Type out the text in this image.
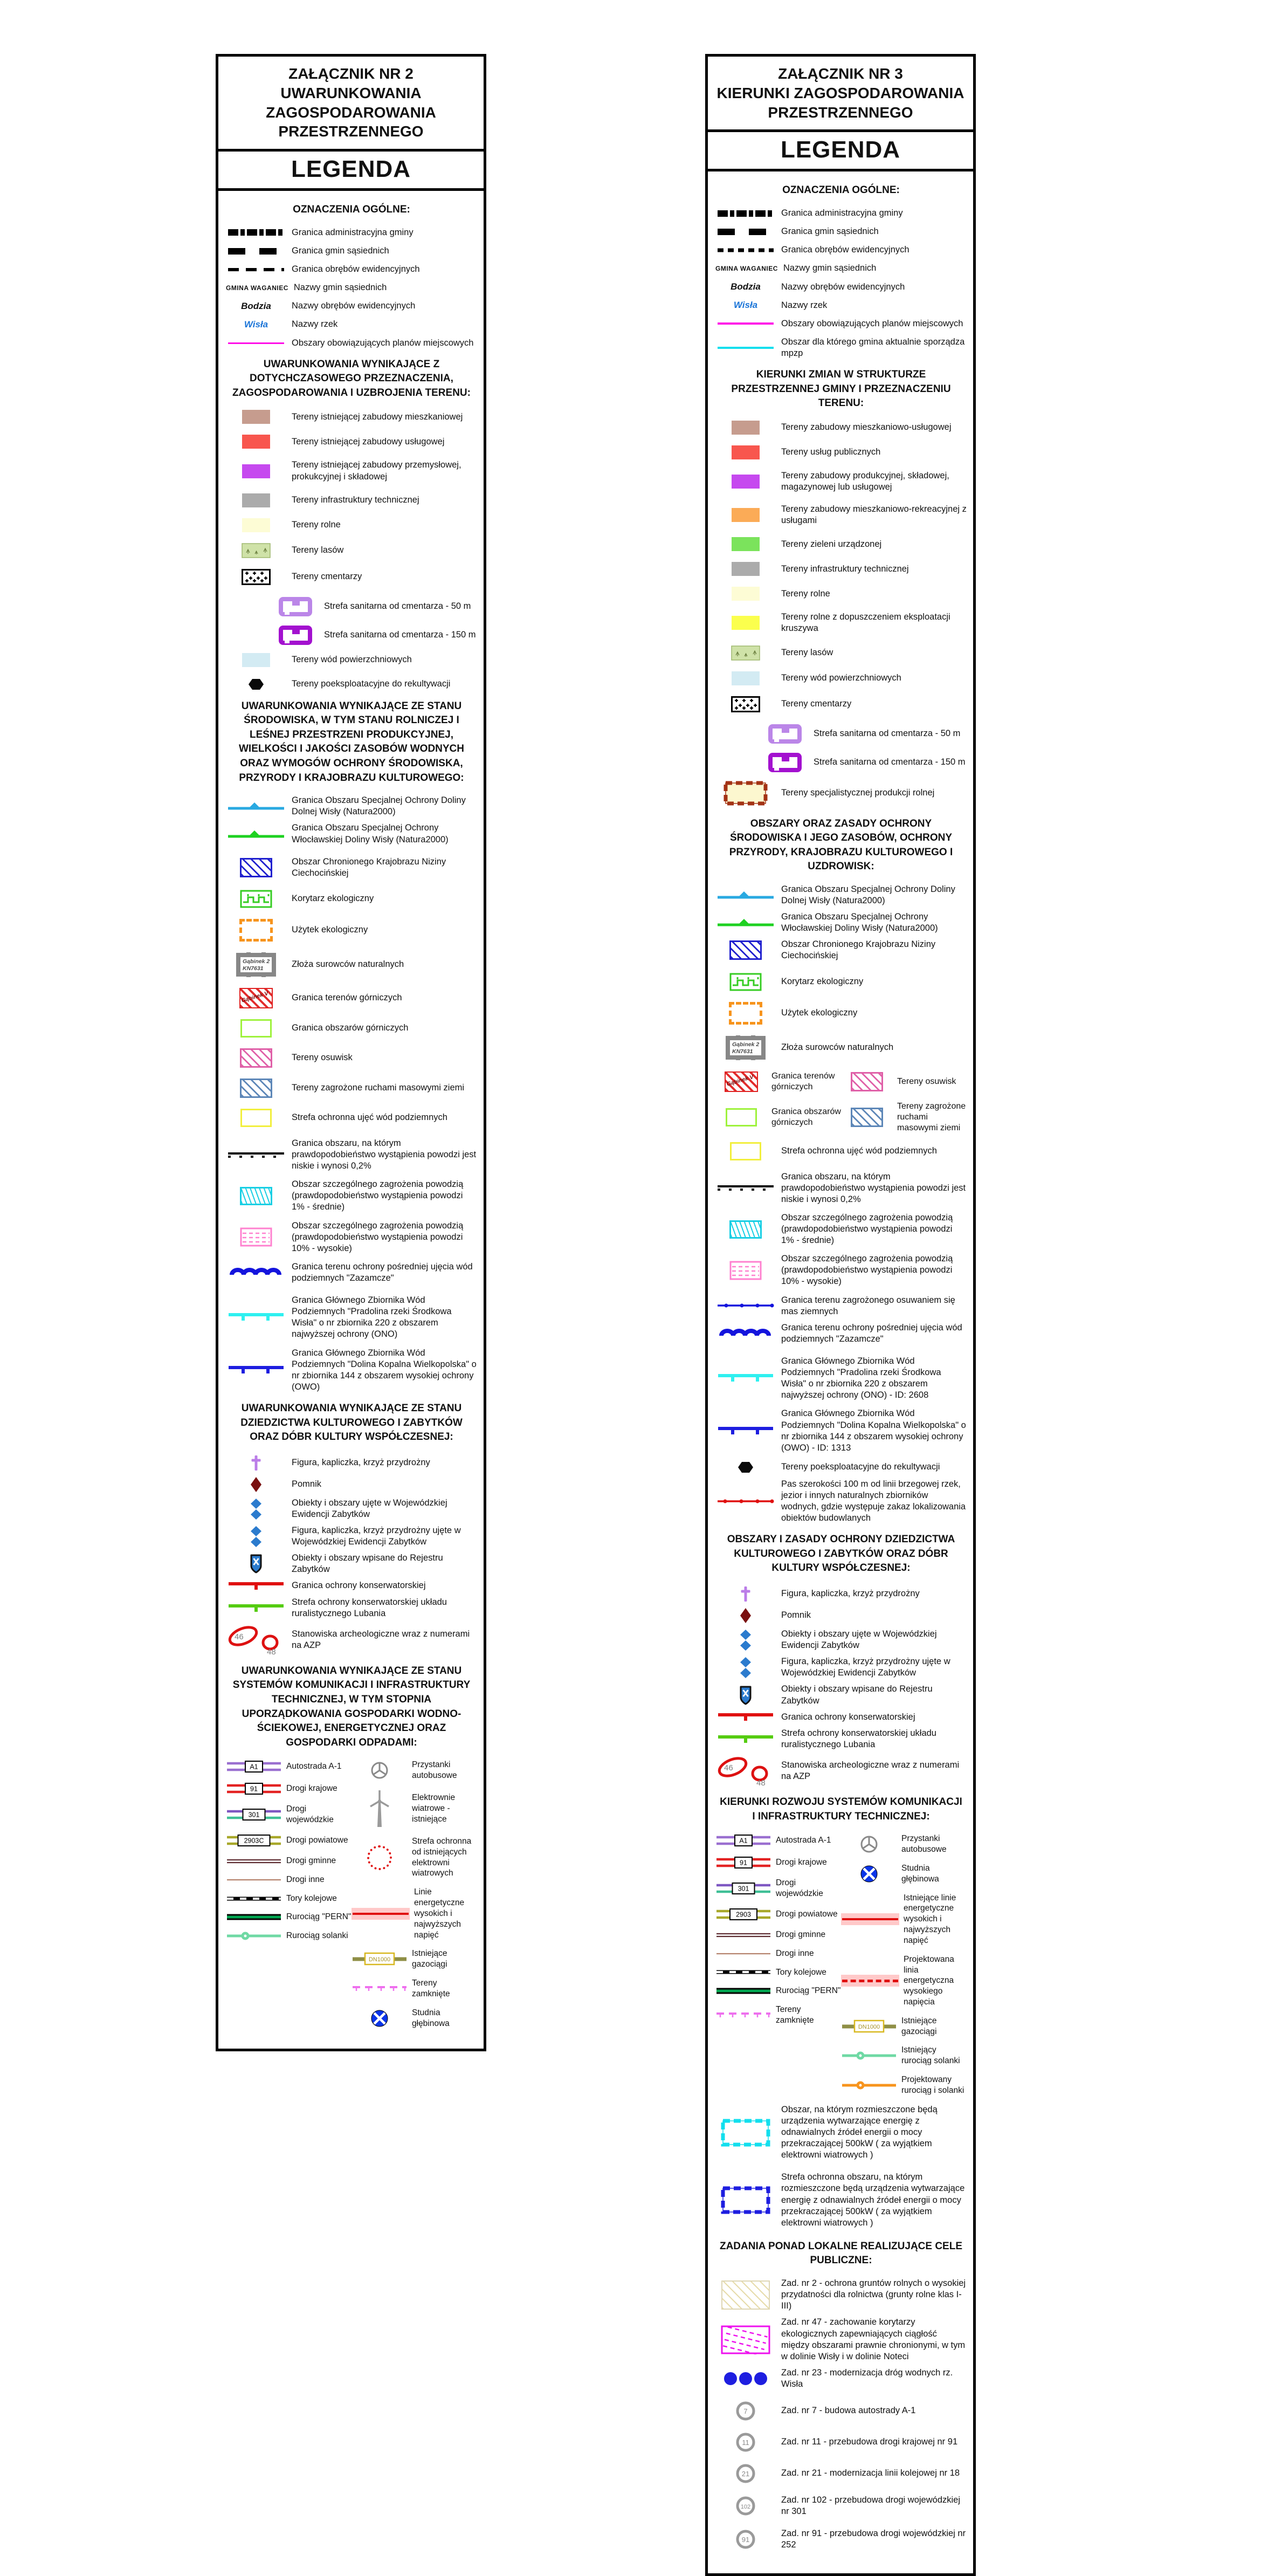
ZAŁĄCZNIK NR 2
UWARUNKOWANIA
ZAGOSPODAROWANIA
PRZESTRZENNEGO
LEGENDA
OZNACZENIA OGÓLNE:
Granica administracyjna gminy
Granica gmin sąsiednich
Granica obrębów ewidencyjnych
GMINA WAGANIEC Nazwy gmin sąsiednich
Bodzia	Nazwy obrębów ewidencyjnych
Wisła	Nazwy rzek
Obszary obowiązujących planów miejscowych
UWARUNKOWANIA WYNIKAJĄCE Z DOTYCHCZASOWEGO PRZEZNACZENIA, ZAGOSPODAROWANIA I UZBROJENIA TERENU:
Tereny istniejącej zabudowy mieszkaniowej
Tereny istniejącej zabudowy usługowej
Tereny istniejącej zabudowy przemysłowej, prokukcyjnej i składowej
Tereny infrastruktury technicznej
Tereny rolne
Tereny lasów
Tereny cmentarzy
Strefa sanitarna od cmentarza - 50 m
Strefa sanitarna od cmentarza - 150 m
Tereny wód powierzchniowych
Tereny poeksploatacyjne do rekultywacji
UWARUNKOWANIA WYNIKAJĄCE ZE STANU ŚRODOWISKA, W TYM STANU ROLNICZEJ I LEŚNEJ PRZESTRZENI PRODUKCYJNEJ, WIELKOŚCI I JAKOŚCI ZASOBÓW WODNYCH ORAZ WYMOGÓW OCHRONY ŚRODOWISKA, PRZYRODY I KRAJOBRAZU KULTUROWEGO:
Granica Obszaru Specjalnej Ochrony Doliny Dolnej Wisły (Natura2000)
Granica Obszaru Specjalnej Ochrony Włocławskiej Doliny Wisły (Natura2000)
Obszar Chronionego Krajobrazu Niziny Ciechocińskiej
Korytarz ekologiczny
Użytek ekologiczny
Gąbinek 2
KN7631	Złoża surowców naturalnych
Gąbinek V	Granica terenów górniczych
Granica obszarów górniczych
Tereny osuwisk
Tereny zagrożone ruchami masowymi ziemi
Strefa ochronna ujęć wód podziemnych
Granica obszaru, na którym prawdopodobieństwo wystąpienia powodzi jest niskie i wynosi 0,2%
Obszar szczególnego zagrożenia powodzią (prawdopodobieństwo wystąpienia powodzi 1% - średnie)
Obszar szczególnego zagrożenia powodzią (prawdopodobieństwo wystąpienia powodzi 10% - wysokie)
Granica terenu ochrony pośredniej ujęcia wód podziemnych "Zazamcze"
Granica Głównego Zbiornika Wód Podziemnych "Pradolina rzeki Środkowa Wisła" o nr zbiornika 220 z obszarem najwyższej ochrony (ONO)
Granica Głównego Zbiornika Wód Podziemnych "Dolina Kopalna Wielkopolska" o nr zbiornika 144 z obszarem wysokiej ochrony (OWO)
UWARUNKOWANIA WYNIKAJĄCE ZE STANU DZIEDZICTWA KULTUROWEGO I ZABYTKÓW ORAZ DÓBR KULTURY WSPÓŁCZESNEJ:
Figura, kapliczka, krzyż przydrożny
Pomnik
Obiekty i obszary ujęte w Wojewódzkiej Ewidencji Zabytków
Figura, kapliczka, krzyż przydrożny ujęte w Wojewódzkiej Ewidencji Zabytków
Obiekty i obszary wpisane do Rejestru Zabytków
Granica ochrony konserwatorskiej
Strefa ochrony konserwatorskiej układu ruralistycznego Lubania
46
48
Stanowiska archeologiczne wraz z numerami na AZP
UWARUNKOWANIA WYNIKAJĄCE ZE STANU SYSTEMÓW KOMUNIKACJI I INFRASTRUKTURY TECHNICZNEJ, W TYM STOPNIA UPORZĄDKOWANIA GOSPODARKI WODNO-ŚCIEKOWEJ, ENERGETYCZNEJ ORAZ GOSPODARKI ODPADAMI:
A1	Autostrada A-1
91	Drogi krajowe
301
Drogi wojewódzkie
2903C	Drogi powiatowe
Drogi gminne
Drogi inne
Tory kolejowe
Rurociąg "PERN"
Rurociąg solanki
Przystanki autobusowe
Elektrownie wiatrowe - istniejące
Strefa ochronna od istniejących elektrowni wiatrowych
Linie energetyczne wysokich i najwyższych napięć
DN1000
Istniejące gazociągi
Tereny zamknięte
Studnia głębinowa
ZAŁĄCZNIK NR 3
KIERUNKI ZAGOSPODAROWANIA
PRZESTRZENNEGO
LEGENDA
OZNACZENIA OGÓLNE:
Granica administracyjna gminy
Granica gmin sąsiednich
Granica obrębów ewidencyjnych
GMINA WAGANIEC Nazwy gmin sąsiednich
Bodzia	Nazwy obrębów ewidencyjnych
Wisła	Nazwy rzek
Obszary obowiązujących planów miejscowych
Obszar dla którego gmina aktualnie sporządza mpzp
KIERUNKI ZMIAN W STRUKTURZE PRZESTRZENNEJ GMINY I PRZEZNACZENIU TERENU:
Tereny zabudowy mieszkaniowo-usługowej
Tereny usług publicznych
Tereny zabudowy produkcyjnej, składowej, magazynowej lub usługowej
Tereny zabudowy mieszkaniowo-rekreacyjnej z usługami
Tereny zieleni urządzonej
Tereny infrastruktury technicznej
Tereny rolne
Tereny rolne z dopuszczeniem eksploatacji kruszywa
Tereny lasów
Tereny wód powierzchniowych
Tereny cmentarzy
Strefa sanitarna od cmentarza - 50 m
Strefa sanitarna od cmentarza - 150 m
Tereny specjalistycznej produkcji rolnej
OBSZARY ORAZ ZASADY OCHRONY ŚRODOWISKA I JEGO ZASOBÓW, OCHRONY PRZYRODY, KRAJOBRAZU KULTUROWEGO I UZDROWISK:
Granica Obszaru Specjalnej Ochrony Doliny Dolnej Wisły (Natura2000)
Granica Obszaru Specjalnej Ochrony Włocławskiej Doliny Wisły (Natura2000)
Obszar Chronionego Krajobrazu Niziny Ciechocińskiej
Korytarz ekologiczny
Użytek ekologiczny
Gąbinek 2
KN7631	Złoża surowców naturalnych
Gąbinek V	Granica terenów górniczych
Tereny osuwisk
Granica obszarów górniczych
Tereny zagrożone ruchami masowymi ziemi
Strefa ochronna ujęć wód podziemnych
Granica obszaru, na którym prawdopodobieństwo wystąpienia powodzi jest niskie i wynosi 0,2%
Obszar szczególnego zagrożenia powodzią (prawdopodobieństwo wystąpienia powodzi 1% - średnie)
Obszar szczególnego zagrożenia powodzią (prawdopodobieństwo wystąpienia powodzi 10% - wysokie)
Granica terenu zagrożonego osuwaniem się mas ziemnych
Granica terenu ochrony pośredniej ujęcia wód podziemnych "Zazamcze"
Granica Głównego Zbiornika Wód Podziemnych "Pradolina rzeki Środkowa Wisła" o nr zbiornika 220 z obszarem najwyższej ochrony (ONO) - ID: 2608
Granica Głównego Zbiornika Wód Podziemnych "Dolina Kopalna Wielkopolska" o nr zbiornika 144 z obszarem wysokiej ochrony (OWO) - ID: 1313
Tereny poeksploatacyjne do rekultywacji
Pas szerokości 100 m od linii brzegowej rzek, jezior i innych naturalnych zbiorników wodnych, gdzie występuje zakaz lokalizowania obiektów budowlanych
OBSZARY I ZASADY OCHRONY DZIEDZICTWA KULTUROWEGO I ZABYTKÓW ORAZ DÓBR KULTURY WSPÓŁCZESNEJ:
Figura, kapliczka, krzyż przydrożny
Pomnik
Obiekty i obszary ujęte w Wojewódzkiej Ewidencji Zabytków
Figura, kapliczka, krzyż przydrożny ujęte w Wojewódzkiej Ewidencji Zabytków
Obiekty i obszary wpisane do Rejestru Zabytków
Granica ochrony konserwatorskiej
Strefa ochrony konserwatorskiej układu ruralistycznego Lubania
46
48
Stanowiska archeologiczne wraz z numerami na AZP
KIERUNKI ROZWOJU SYSTEMÓW KOMUNIKACJI I INFRASTRUKTURY TECHNICZNEJ:
A1	Autostrada A-1
91	Drogi krajowe
301
Drogi wojewódzkie
2903	Drogi powiatowe
Drogi gminne
Drogi inne
Tory kolejowe
Rurociąg "PERN"
Tereny zamknięte
Przystanki autobusowe
Studnia głębinowa
Istniejące linie energetyczne wysokich i najwyższych napięć
Projektowana linia energetyczna wysokiego napięcia
DN1000
Istniejące gazociągi
Istniejący rurociąg solanki
Projektowany rurociąg i solanki
Obszar, na którym rozmieszczone będą urządzenia wytwarzające energię z odnawialnych źródeł energii o mocy przekraczającej 500kW ( za wyjątkiem elektrowni wiatrowych )
Strefa ochronna obszaru, na którym rozmieszczone będą urządzenia wytwarzające energię z odnawialnych źródeł energii o mocy przekraczającej 500kW ( za wyjątkiem elektrowni wiatrowych )
ZADANIA PONAD LOKALNE REALIZUJĄCE CELE PUBLICZNE:
Zad. nr 2 - ochrona gruntów rolnych o wysokiej przydatności dla rolnictwa (grunty rolne klas I-III)
Zad. nr 47 - zachowanie korytarzy ekologicznych zapewniających ciągłość między obszarami prawnie chronionymi, w tym w dolinie Wisły i w dolinie Noteci
Zad. nr 23 - modernizacja dróg wodnych rz. Wisła
7	Zad. nr 7 - budowa autostrady A-1
11	Zad. nr 11 - przebudowa drogi krajowej nr 91
21	Zad. nr 21 - modernizacja linii kolejowej nr 18
102
Zad. nr 102 - przebudowa drogi wojewódzkiej nr 301
91
Zad. nr 91 - przebudowa drogi wojewódzkiej nr 252
